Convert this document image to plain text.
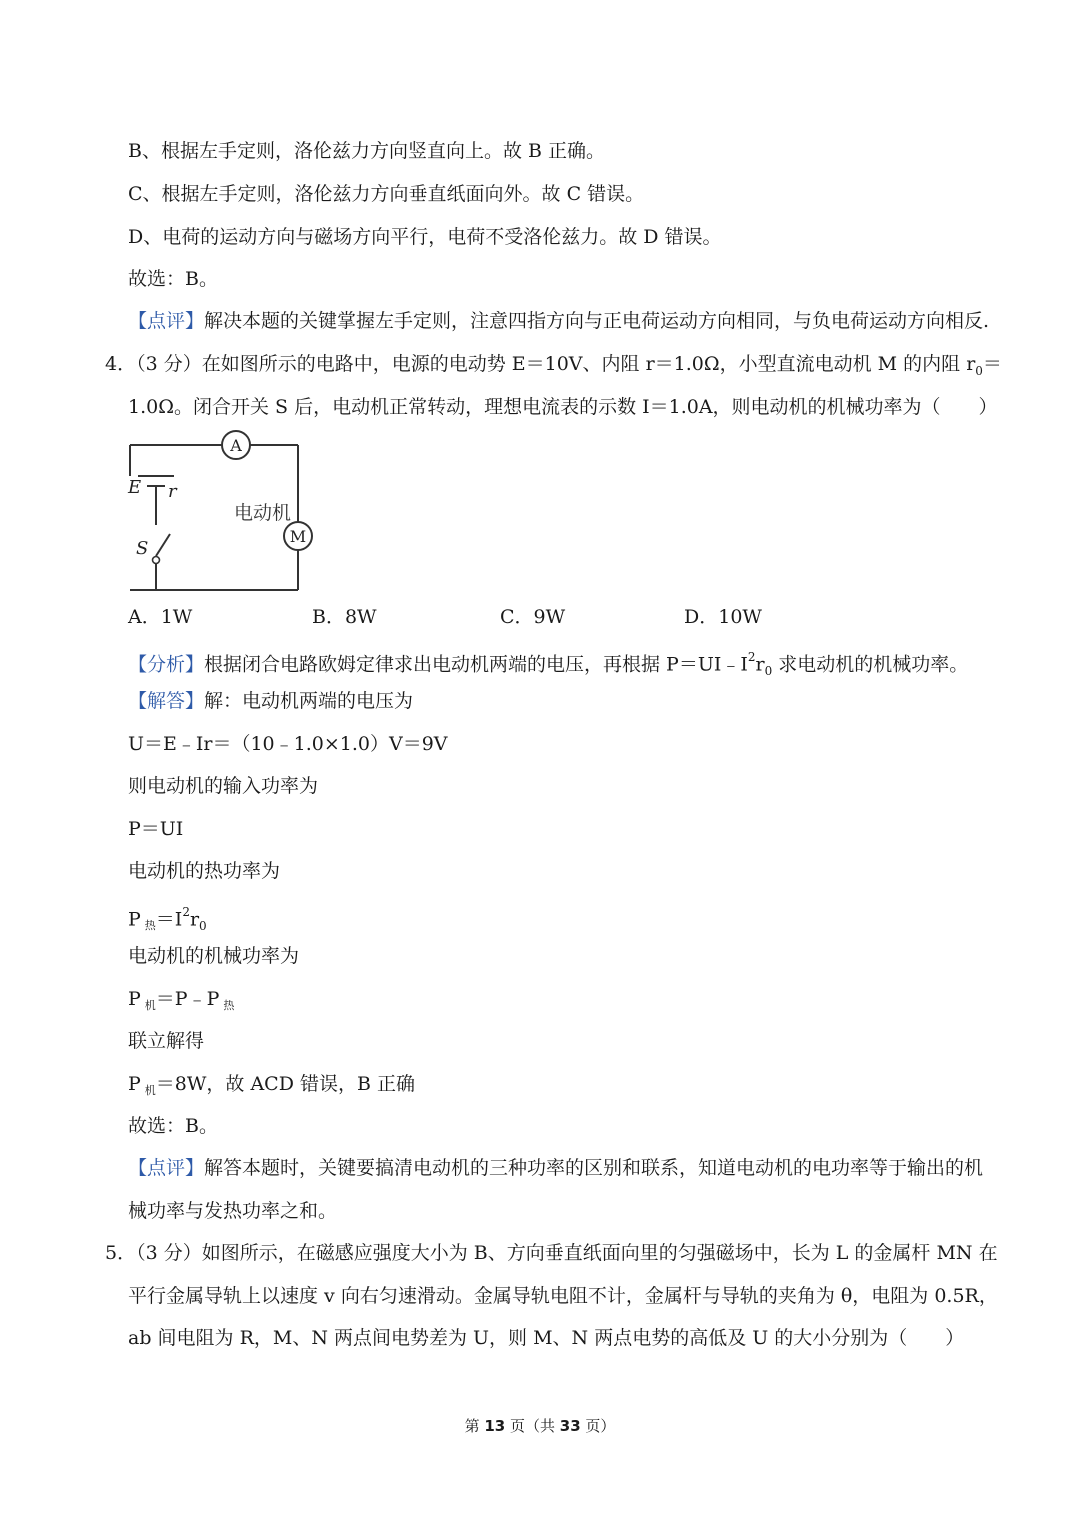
B、根据左手定则，洛伦兹力方向竖直向上。故 B 正确。
C、根据左手定则，洛伦兹力方向垂直纸面向外。故 C 错误。
D、电荷的运动方向与磁场方向平行，电荷不受洛伦兹力。故 D 错误。
故选：B。
【点评】解决本题的关键掌握左手定则，注意四指方向与正电荷运动方向相同，与负电荷运动方向相反.
4．（3 分）在如图所示的电路中，电源的电动势 E＝10V、内阻 r＝1.0Ω，小型直流电动机 M 的内阻 $r_0=$
1.0Ω。闭合开关 S 后，电动机正常转动，理想电流表的示数 I＝1.0A，则电动机的机械功率为（　　）
A
M
E r
电动机
S
A．1W	B．8W	C．9W	D．10W
【分析】根据闭合电路欧姆定律求出电动机两端的电压，再根据 $P=UI﹣I^2r_0$ 求电动机的机械功率。
【解答】解：电动机两端的电压为
U＝E﹣Ir＝（10﹣1.0×1.0）V＝9V
则电动机的输入功率为
P＝UI
电动机的热功率为
P $_热=I^2r_0$
电动机的机械功率为
P $_机$＝P﹣P $_热$
联立解得
P $_机$＝8W，故 ACD 错误，B 正确
故选：B。
【点评】解答本题时，关键要搞清电动机的三种功率的区别和联系，知道电动机的电功率等于输出的机
械功率与发热功率之和。
5．（3 分）如图所示，在磁感应强度大小为 B、方向垂直纸面向里的匀强磁场中，长为 L 的金属杆 MN 在
平行金属导轨上以速度 v 向右匀速滑动。金属导轨电阻不计，金属杆与导轨的夹角为 θ，电阻为 0.5R，
ab 间电阻为 R，M、N 两点间电势差为 U，则 M、N 两点电势的高低及 U 的大小分别为（　　）
第 13 页（共 33 页）
